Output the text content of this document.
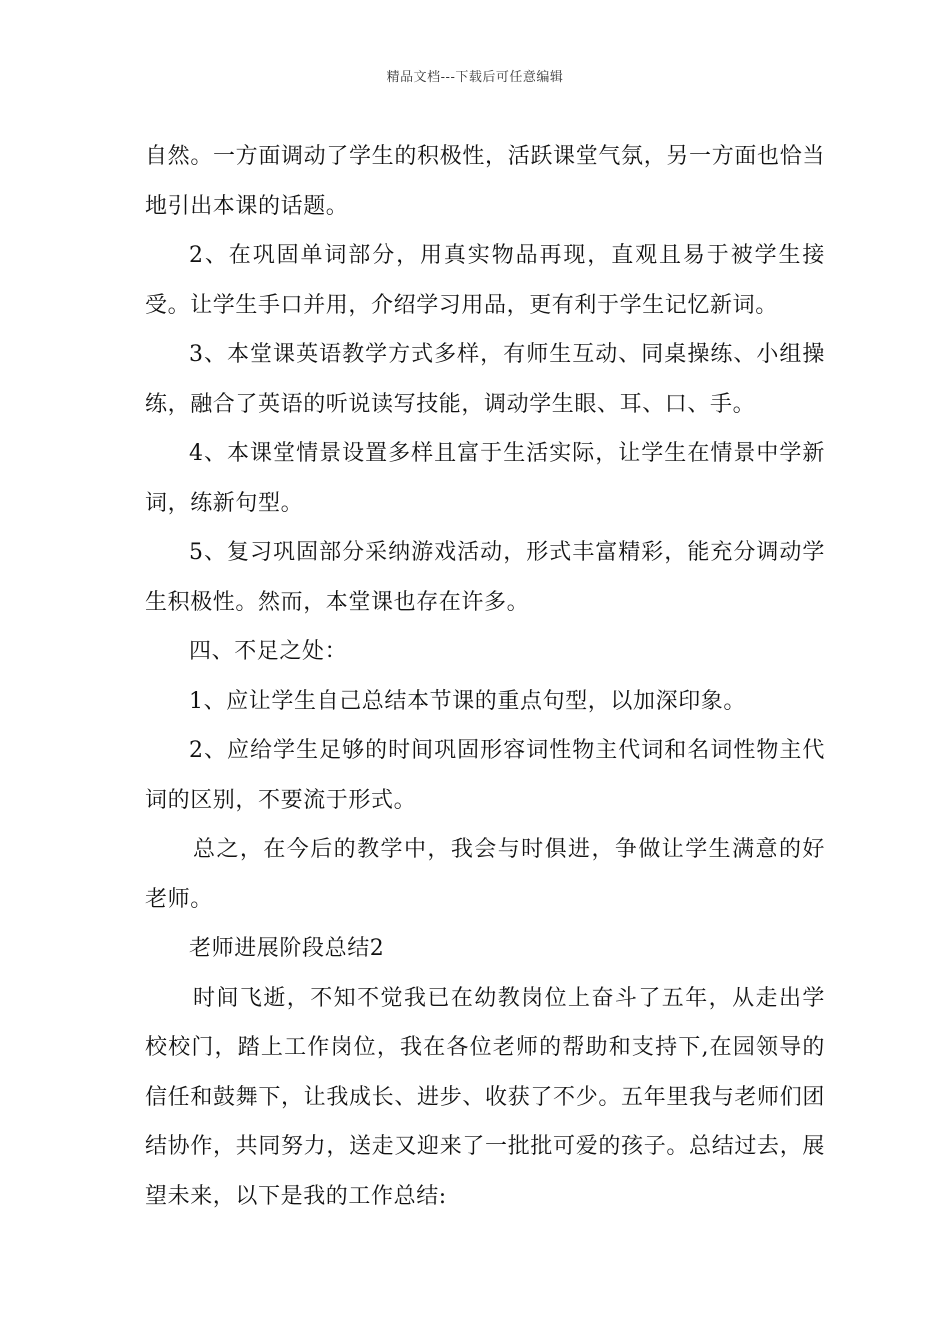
精品文档---下载后可任意编辑

自然。一方面调动了学生的积极性，活跃课堂气氛，另一方面也恰当地引出本课的话题。

2、在巩固单词部分，用真实物品再现，直观且易于被学生接受。让学生手口并用，介绍学习用品，更有利于学生记忆新词。

3、本堂课英语教学方式多样，有师生互动、同桌操练、小组操练，融合了英语的听说读写技能，调动学生眼、耳、口、手。

4、本课堂情景设置多样且富于生活实际，让学生在情景中学新词，练新句型。

5、复习巩固部分采纳游戏活动，形式丰富精彩，能充分调动学生积极性。然而，本堂课也存在许多。

四、不足之处：

1、应让学生自己总结本节课的重点句型，以加深印象。

2、应给学生足够的时间巩固形容词性物主代词和名词性物主代词的区别，不要流于形式。

总之，在今后的教学中，我会与时俱进，争做让学生满意的好老师。

老师进展阶段总结2

时间飞逝，不知不觉我已在幼教岗位上奋斗了五年，从走出学校校门，踏上工作岗位，我在各位老师的帮助和支持下,在园领导的信任和鼓舞下，让我成长、进步、收获了不少。五年里我与老师们团结协作，共同努力，送走又迎来了一批批可爱的孩子。总结过去，展望未来，以下是我的工作总结:
